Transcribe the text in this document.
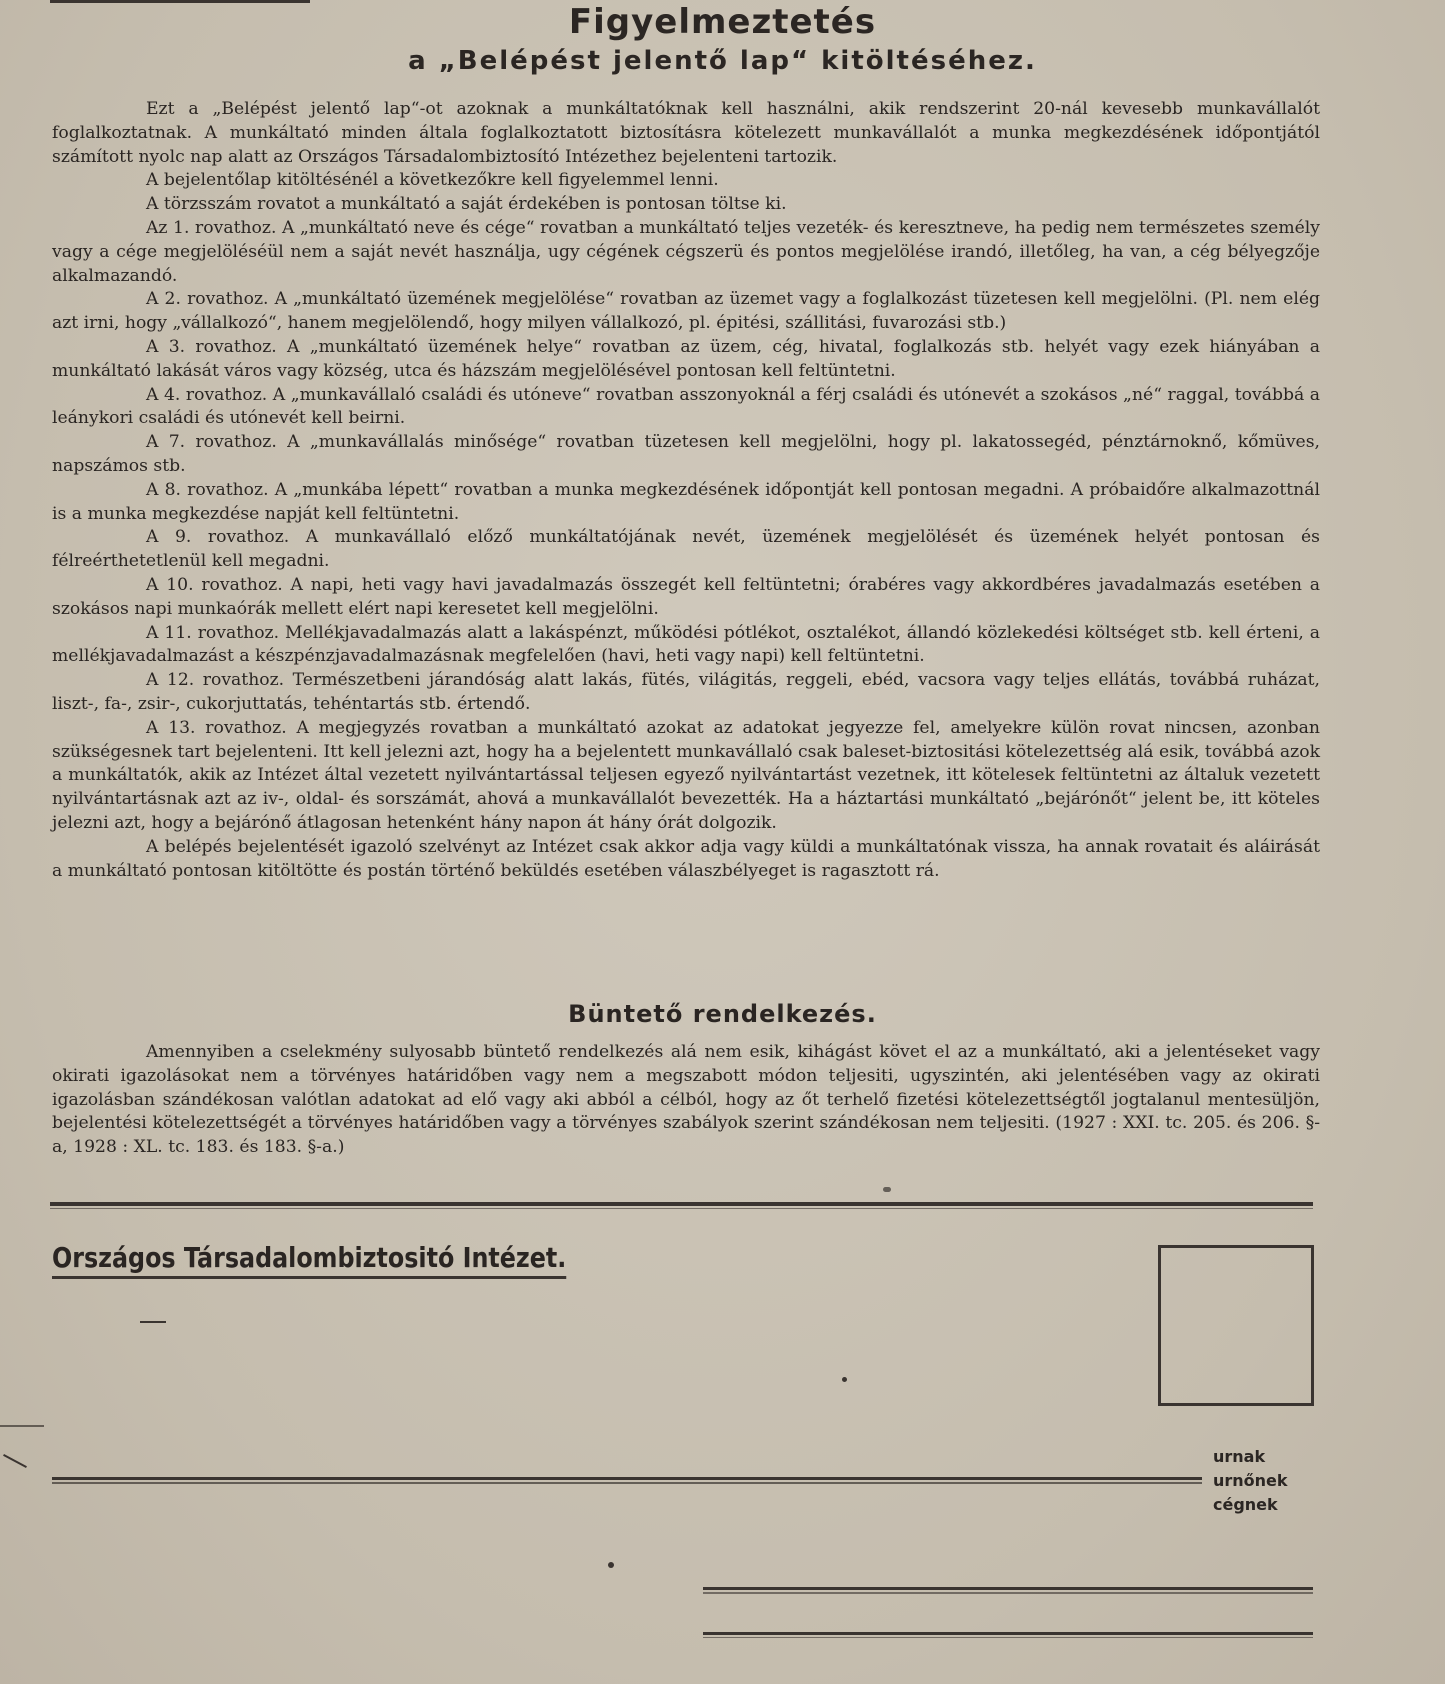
Figyelmeztetés
a „Belépést jelentő lap“ kitöltéséhez.

Ezt a „Belépést jelentő lap“-ot azoknak a munkáltatóknak kell használni, akik rendszerint 20-nál kevesebb munkavállalót foglalkoztatnak. A munkáltató minden általa foglalkoztatott biztosításra kötelezett munkavállalót a munka megkezdésének időpontjától számított nyolc nap alatt az Országos Társadalombiztosító Intézethez bejelenteni tartozik.

A bejelentőlap kitöltésénél a következőkre kell figyelemmel lenni.

A törzsszám rovatot a munkáltató a saját érdekében is pontosan töltse ki.

Az 1. rovathoz. A „munkáltató neve és cége“ rovatban a munkáltató teljes vezeték- és keresztneve, ha pedig nem természetes személy vagy a cége megjelöléséül nem a saját nevét használja, ugy cégének cégszerü és pontos megjelölése irandó, illetőleg, ha van, a cég bélyegzője alkalmazandó.

A 2. rovathoz. A „munkáltató üzemének megjelölése“ rovatban az üzemet vagy a foglalkozást tüzetesen kell megjelölni. (Pl. nem elég azt irni, hogy „vállalkozó“, hanem megjelölendő, hogy milyen vállalkozó, pl. épitési, szállitási, fuvarozási stb.)

A 3. rovathoz. A „munkáltató üzemének helye“ rovatban az üzem, cég, hivatal, foglalkozás stb. helyét vagy ezek hiányában a munkáltató lakását város vagy község, utca és házszám megjelölésével pontosan kell feltüntetni.

A 4. rovathoz. A „munkavállaló családi és utóneve“ rovatban asszonyoknál a férj családi és utónevét a szokásos „né“ raggal, továbbá a leánykori családi és utónevét kell beirni.

A 7. rovathoz. A „munkavállalás minősége“ rovatban tüzetesen kell megjelölni, hogy pl. lakatossegéd, pénztárnoknő, kőmüves, napszámos stb.

A 8. rovathoz. A „munkába lépett“ rovatban a munka megkezdésének időpontját kell pontosan megadni. A próbaidőre alkalmazottnál is a munka megkezdése napját kell feltüntetni.

A 9. rovathoz. A munkavállaló előző munkáltatójának nevét, üzemének megjelölését és üzemének helyét pontosan és félreérthetetlenül kell megadni.

A 10. rovathoz. A napi, heti vagy havi javadalmazás összegét kell feltüntetni; órabéres vagy akkordbéres javadalmazás esetében a szokásos napi munkaórák mellett elért napi keresetet kell megjelölni.

A 11. rovathoz. Mellékjavadalmazás alatt a lakáspénzt, működési pótlékot, osztalékot, állandó közlekedési költséget stb. kell érteni, a mellékjavadalmazást a készpénzjavadalmazásnak megfelelően (havi, heti vagy napi) kell feltüntetni.

A 12. rovathoz. Természetbeni járandóság alatt lakás, fütés, világitás, reggeli, ebéd, vacsora vagy teljes ellátás, továbbá ruházat, liszt-, fa-, zsir-, cukorjuttatás, tehéntartás stb. értendő.

A 13. rovathoz. A megjegyzés rovatban a munkáltató azokat az adatokat jegyezze fel, amelyekre külön rovat nincsen, azonban szükségesnek tart bejelenteni. Itt kell jelezni azt, hogy ha a bejelentett munkavállaló csak baleset-biztositási kötelezettség alá esik, továbbá azok a munkáltatók, akik az Intézet által vezetett nyilvántartással teljesen egyező nyilvántartást vezetnek, itt kötelesek feltüntetni az általuk vezetett nyilvántartásnak azt az iv-, oldal- és sorszámát, ahová a munkavállalót bevezették. Ha a háztartási munkáltató „bejárónőt“ jelent be, itt köteles jelezni azt, hogy a bejárónő átlagosan hetenként hány napon át hány órát dolgozik.

A belépés bejelentését igazoló szelvényt az Intézet csak akkor adja vagy küldi a munkáltatónak vissza, ha annak rovatait és aláirását a munkáltató pontosan kitöltötte és postán történő beküldés esetében válaszbélyeget is ragasztott rá.

Büntető rendelkezés.

Amennyiben a cselekmény sulyosabb büntető rendelkezés alá nem esik, kihágást követ el az a munkáltató, aki a jelentéseket vagy okirati igazolásokat nem a törvényes határidőben vagy nem a megszabott módon teljesiti, ugyszintén, aki jelentésében vagy az okirati igazolásban szándékosan valótlan adatokat ad elő vagy aki abból a célból, hogy az őt terhelő fizetési kötelezettségtől jogtalanul mentesüljön, bejelentési kötelezettségét a törvényes határidőben vagy a törvényes szabályok szerint szándékosan nem teljesiti. (1927 : XXI. tc. 205. és 206. §-a, 1928 : XL. tc. 183. és 183. §-a.)

Országos Társadalombiztositó Intézet.
urnak
urnőnek
cégnek
